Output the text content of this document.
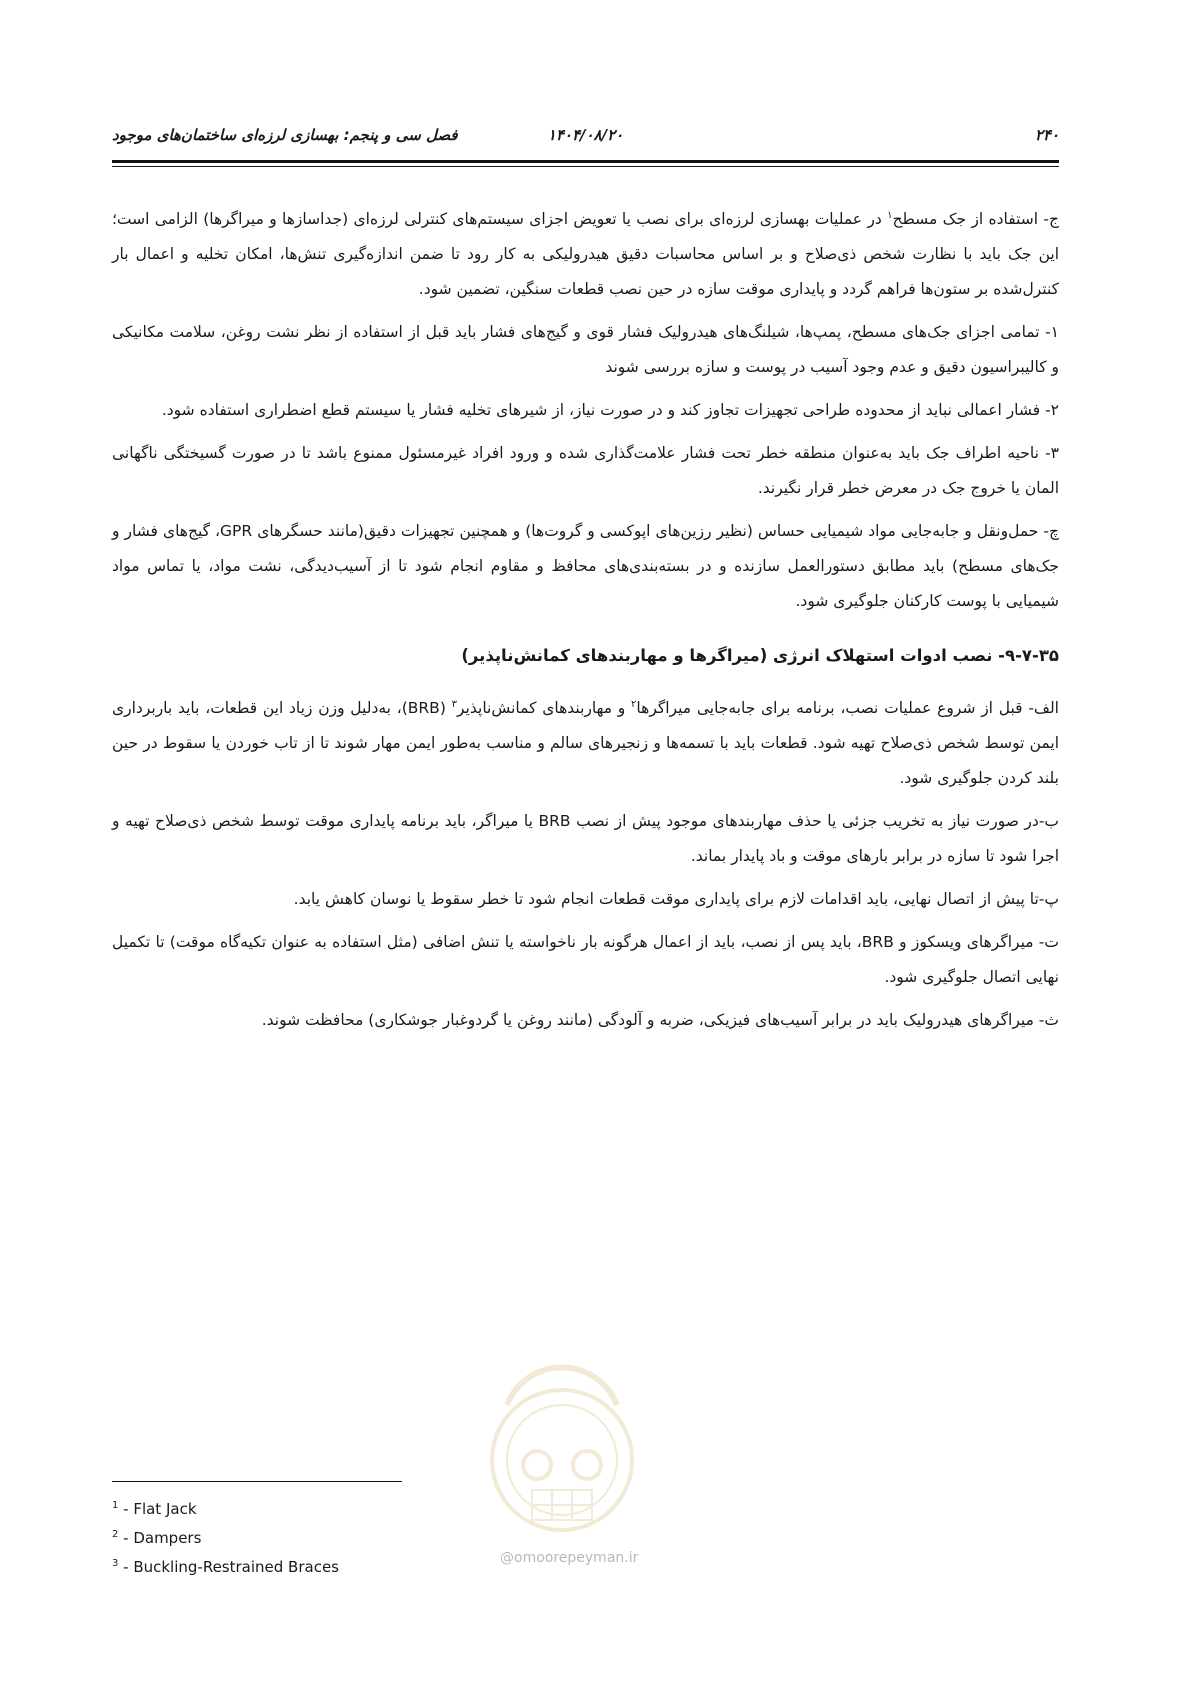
۲۴۰
۱۴۰۴/۰۸/۲۰
فصل سی و پنجم: بهسازی لرزه‌ای ساختمان‌های موجود

ج- استفاده از جک مسطح$^۱$ در عملیات بهسازی لرزه‌ای برای نصب یا تعویض اجزای سیستم‌های کنترلی لرزه‌ای (جداسازها و میراگرها) الزامی است؛ این جک باید با نظارت شخص ذی‌صلاح و بر اساس محاسبات دقیق هیدرولیکی به کار رود تا ضمن اندازه‌گیری تنش‌ها، امکان تخلیه و اعمال بار کنترل‌شده بر ستون‌ها فراهم گردد و پایداری موقت سازه در حین نصب قطعات سنگین، تضمین شود.

۱- تمامی اجزای جک‌های مسطح، پمپ‌ها، شیلنگ‌های هیدرولیک فشار قوی و گیج‌های فشار باید قبل از استفاده از نظر نشت روغن، سلامت مکانیکی و کالیبراسیون دقیق و عدم وجود آسیب در پوست و سازه بررسی شوند

۲- فشار اعمالی نباید از محدوده طراحی تجهیزات تجاوز کند و در صورت نیاز، از شیرهای تخلیه فشار یا سیستم قطع اضطراری استفاده شود.

۳- ناحیه اطراف جک باید به‌عنوان منطقه خطر تحت فشار علامت‌گذاری شده و ورود افراد غیرمسئول ممنوع باشد تا در صورت گسیختگی ناگهانی المان یا خروج جک در معرض خطر قرار نگیرند.

چ- حمل‌ونقل و جابه‌جایی مواد شیمیایی حساس (نظیر رزین‌های اپوکسی و گروت‌ها) و همچنین تجهیزات دقیق(مانند حسگرهای GPR، گیج‌های فشار و جک‌های مسطح) باید مطابق دستورالعمل سازنده و در بسته‌بندی‌های محافظ و مقاوم انجام شود تا از آسیب‌دیدگی، نشت مواد، یا تماس مواد شیمیایی با پوست کارکنان جلوگیری شود.

۹-۷-۳۵- نصب ادوات استهلاک انرژی (میراگرها و مهاربندهای کمانش‌ناپذیر)

الف- قبل از شروع عملیات نصب، برنامه برای جابه‌جایی میراگرها$^۲$ و مهاربندهای کمانش‌ناپذیر$^۳$ (BRB)، به‌دلیل وزن زیاد این قطعات، باید باربرداری ایمن توسط شخص ذی‌صلاح تهیه شود. قطعات باید با تسمه‌ها و زنجیرهای سالم و مناسب به‌طور ایمن مهار شوند تا از تاب خوردن یا سقوط در حین بلند کردن جلوگیری شود.

ب-در صورت نیاز به تخریب جزئی یا حذف مهاربندهای موجود پیش از نصب BRB یا میراگر، باید برنامه پایداری موقت توسط شخص ذی‌صلاح تهیه و اجرا شود تا سازه در برابر بارهای موقت و باد پایدار بماند.

پ-تا پیش از اتصال نهایی، باید اقدامات لازم برای پایداری موقت قطعات انجام شود تا خطر سقوط یا نوسان کاهش یابد.

ت- میراگرهای ویسکوز و BRB، باید پس از نصب، باید از اعمال هرگونه بار ناخواسته یا تنش اضافی (مثل استفاده به عنوان تکیه‌گاه موقت) تا تکمیل نهایی اتصال جلوگیری شود.

ث- میراگرهای هیدرولیک باید در برابر آسیب‌های فیزیکی، ضربه و آلودگی (مانند روغن یا گردوغبار جوشکاری) محافظت شوند.

@omoorepeyman.ir
$^1$ - Flat Jack
$^2$ - Dampers
$^3$ - Buckling-Restrained Braces
